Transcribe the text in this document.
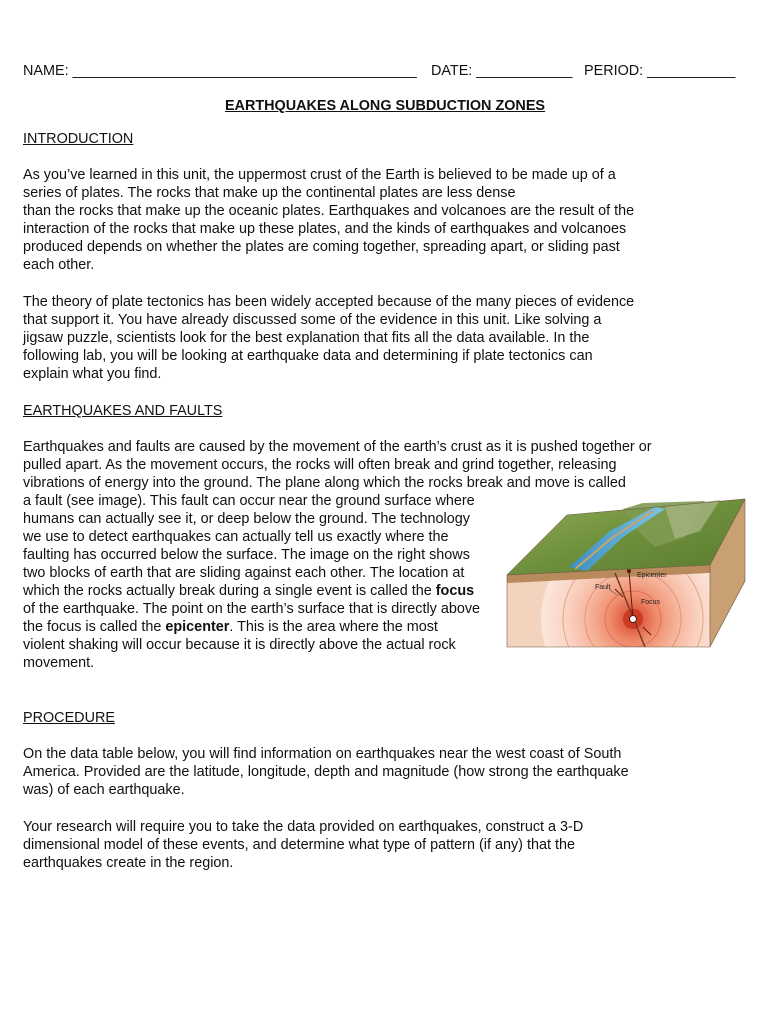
NAME: ___________________________________________ DATE: ____________ PERIOD: ___________
EARTHQUAKES ALONG SUBDUCTION ZONES
INTRODUCTION
As you’ve learned in this unit, the uppermost crust of the Earth is believed to be made up of a
series of plates. The rocks that make up the continental plates are less dense
than the rocks that make up the oceanic plates. Earthquakes and volcanoes are the result of the
interaction of the rocks that make up these plates, and the kinds of earthquakes and volcanoes
produced depends on whether the plates are coming together, spreading apart, or sliding past
each other.
The theory of plate tectonics has been widely accepted because of the many pieces of evidence
that support it. You have already discussed some of the evidence in this unit. Like solving a
jigsaw puzzle, scientists look for the best explanation that fits all the data available. In the
following lab, you will be looking at earthquake data and determining if plate tectonics can
explain what you find.
EARTHQUAKES AND FAULTS
Earthquakes and faults are caused by the movement of the earth’s crust as it is pushed together or
pulled apart. As the movement occurs, the rocks will often break and grind together, releasing
vibrations of energy into the ground. The plane along which the rocks break and move is called
a fault (see image). This fault can occur near the ground surface where
humans can actually see it, or deep below the ground. The technology
we use to detect earthquakes can actually tell us exactly where the
faulting has occurred below the surface. The image on the right shows
two blocks of earth that are sliding against each other. The location at
which the rocks actually break during a single event is called the focus
of the earthquake. The point on the earth’s surface that is directly above
the focus is called the epicenter. This is the area where the most
violent shaking will occur because it is directly above the actual rock
movement.
Epicenter
Fault
Focus
PROCEDURE
On the data table below, you will find information on earthquakes near the west coast of South
America. Provided are the latitude, longitude, depth and magnitude (how strong the earthquake
was) of each earthquake.
Your research will require you to take the data provided on earthquakes, construct a 3-D
dimensional model of these events, and determine what type of pattern (if any) that the
earthquakes create in the region.
